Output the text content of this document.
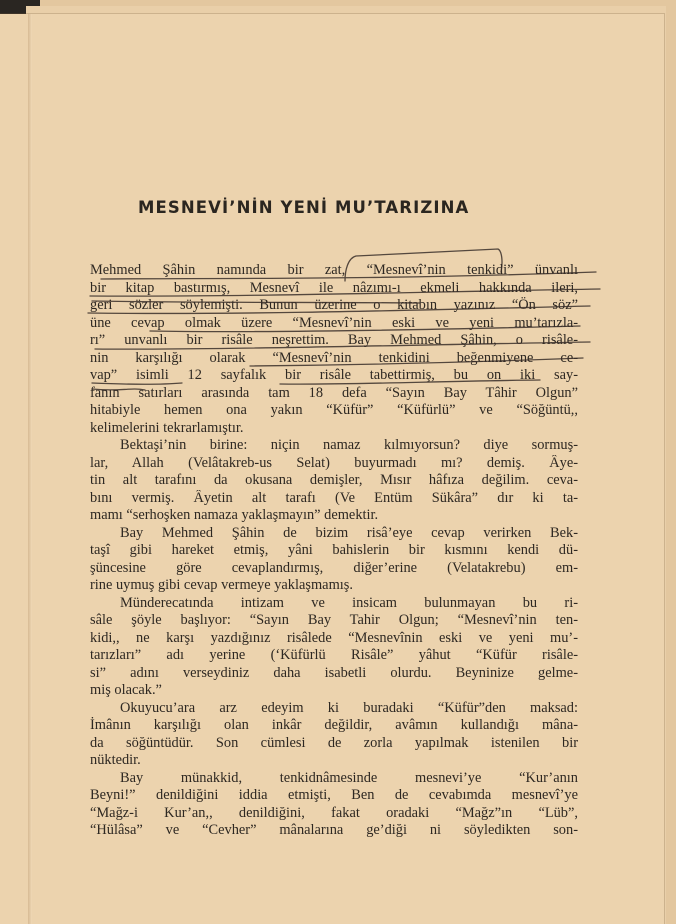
MESNEVİ’NİN YENİ MU’TARIZINA
Mehmed Şâhin namında bir zat, “Mesnevî’nin tenkidi” ünvanlı
bir kitap bastırmış, Mesnevî ile nâzımı-ı ekmeli hakkında ileri,
geri sözler söylemişti. Bunun üzerine o kitabın yazınız “Ön söz”
üne cevap olmak üzere “Mesnevî’nin eski ve yeni mu’tarızla-
rı” unvanlı bir risâle neşrettim. Bay Mehmed Şâhin, o risâle-
nin karşılığı olarak “Mesnevî’nin tenkidini beğenmiyene ce-
vap” isimli 12 sayfalık bir risâle tabettirmiş, bu on iki say-
fanın satırları arasında tam 18 defa “Sayın Bay Tâhir Olgun”
hitabiyle hemen ona yakın “Küfür” “Küfürlü” ve “Söğüntü,,
kelimelerini tekrarlamıştır.
Bektaşi’nin birine: niçin namaz kılmıyorsun? diye sormuş-
lar, Allah (Velâtakreb-us Selat) buyurmadı mı? demiş. Âye-
tin alt tarafını da okusana demişler, Mısır hâfıza değilim. ceva-
bını vermiş. Âyetin alt tarafı (Ve Entüm Sükâra” dır ki ta-
mamı “serhoşken namaza yaklaşmayın” demektir.
Bay Mehmed Şâhin de bizim risâ’eye cevap verirken Bek-
taşî gibi hareket etmiş, yâni bahislerin bir kısmını kendi dü-
şüncesine göre cevaplandırmış, diğer’erine (Velatakrebu) em-
rine uymuş gibi cevap vermeye yaklaşmamış.
Münderecatında intizam ve insicam bulunmayan bu ri-
sâle şöyle başlıyor: “Sayın Bay Tahir Olgun; “Mesnevî’nin ten-
kidi,, ne karşı yazdığınız risâlede “Mesnevînin eski ve yeni mu’-
tarızları” adı yerine (‘Küfürlü Risâle” yâhut “Küfür risâle-
si” adını verseydiniz daha isabetli olurdu. Beyninize gelme-
miş olacak.”
Okuyucu’ara arz edeyim ki buradaki “Küfür”den maksad:
İmânın karşılığı olan inkâr değildir, avâmın kullandığı mâna-
da söğüntüdür. Son cümlesi de zorla yapılmak istenilen bir
nüktedir.
Bay münakkid, tenkidnâmesinde mesnevi’ye “Kur’anın
Beyni!” denildiğini iddia etmişti, Ben de cevabımda mesnevî’ye
“Mağz-i Kur’an,, denildiğini, fakat oradaki “Mağz”ın “Lüb”,
“Hülâsa” ve “Cevher” mânalarına ge’diği ni söyledikten son-
